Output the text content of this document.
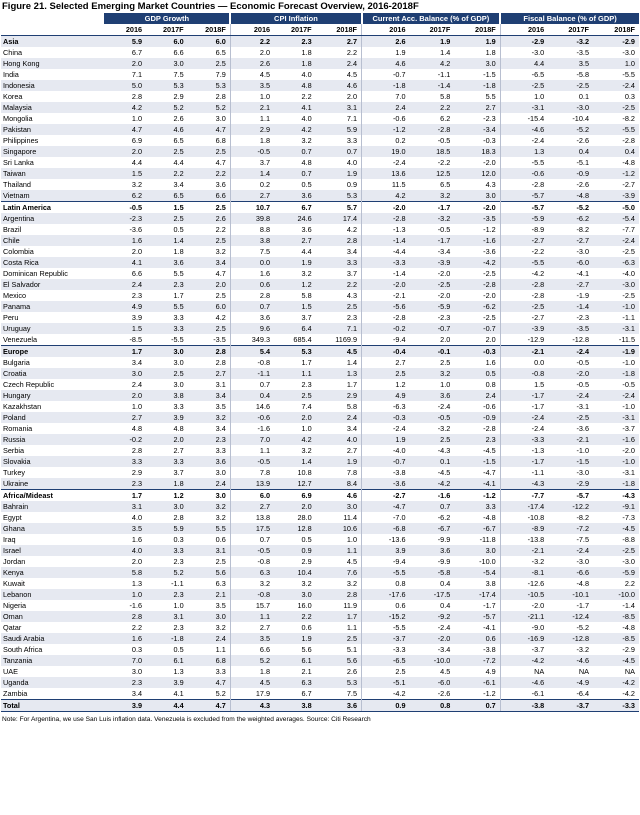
Figure 21. Selected Emerging Market Countries — Economic Forecast Overview, 2016-2018F
	GDP Growth			CPI Inflation			Current Acc. Balance (% of GDP)			Fiscal Balance (% of GDP)		
	2016	2017F	2018F	2016	2017F	2018F	2016	2017F	2018F	2016	2017F	2018F
Asia	5.9	6.0	6.0	2.2	2.3	2.7	2.6	1.9	1.9	-2.9	-3.2	-2.9
China	6.7	6.6	6.5	2.0	1.8	2.2	1.9	1.4	1.8	-3.0	-3.5	-3.0
Hong Kong	2.0	3.0	2.5	2.6	1.8	2.4	4.6	4.2	3.0	4.4	3.5	1.0
India	7.1	7.5	7.9	4.5	4.0	4.5	-0.7	-1.1	-1.5	-6.5	-5.8	-5.5
Indonesia	5.0	5.3	5.3	3.5	4.8	4.6	-1.8	-1.4	-1.8	-2.5	-2.5	-2.4
Korea	2.8	2.9	2.8	1.0	2.2	2.0	7.0	5.8	5.5	1.0	0.1	0.3
Malaysia	4.2	5.2	5.2	2.1	4.1	3.1	2.4	2.2	2.7	-3.1	-3.0	-2.5
Mongolia	1.0	2.6	3.0	1.1	4.0	7.1	-0.6	6.2	-2.3	-15.4	-10.4	-8.2
Pakistan	4.7	4.6	4.7	2.9	4.2	5.9	-1.2	-2.8	-3.4	-4.6	-5.2	-5.5
Philippines	6.9	6.5	6.8	1.8	3.2	3.3	0.2	-0.5	-0.3	-2.4	-2.6	-2.8
Singapore	2.0	2.5	2.5	-0.5	0.7	0.7	19.0	18.5	18.3	1.3	0.4	0.4
Sri Lanka	4.4	4.4	4.7	3.7	4.8	4.0	-2.4	-2.2	-2.0	-5.5	-5.1	-4.8
Taiwan	1.5	2.2	2.2	1.4	0.7	1.9	13.6	12.5	12.0	-0.6	-0.9	-1.2
Thailand	3.2	3.4	3.6	0.2	0.5	0.9	11.5	6.5	4.3	-2.8	-2.6	-2.7
Vietnam	6.2	6.5	6.6	2.7	3.6	5.3	4.2	3.2	3.0	-5.7	-4.8	-3.9
Latin America	-0.5	1.5	2.5	10.7	6.7	5.7	-2.0	-1.7	-2.0	-5.7	-5.2	-5.0
Argentina	-2.3	2.5	2.6	39.8	24.6	17.4	-2.8	-3.2	-3.5	-5.9	-6.2	-5.4
Brazil	-3.6	0.5	2.2	8.8	3.6	4.2	-1.3	-0.5	-1.2	-8.9	-8.2	-7.7
Chile	1.6	1.4	2.5	3.8	2.7	2.8	-1.4	-1.7	-1.6	-2.7	-2.7	-2.4
Colombia	2.0	1.8	3.2	7.5	4.4	3.4	-4.4	-3.4	-3.6	-2.2	-3.0	-2.5
Costa Rica	4.1	3.6	3.4	0.0	1.9	3.3	-3.3	-3.9	-4.2	-5.5	-6.0	-6.3
Dominican Republic	6.6	5.5	4.7	1.6	3.2	3.7	-1.4	-2.0	-2.5	-4.2	-4.1	-4.0
El Salvador	2.4	2.3	2.0	0.6	1.2	2.2	-2.0	-2.5	-2.8	-2.8	-2.7	-3.0
Mexico	2.3	1.7	2.5	2.8	5.8	4.3	-2.1	-2.0	-2.0	-2.8	-1.9	-2.5
Panama	4.9	5.5	6.0	0.7	1.5	2.5	-5.6	-5.9	-6.2	-2.5	-1.4	-1.0
Peru	3.9	3.3	4.2	3.6	3.7	2.3	-2.8	-2.3	-2.5	-2.7	-2.3	-1.1
Uruguay	1.5	3.3	2.5	9.6	6.4	7.1	-0.2	-0.7	-0.7	-3.9	-3.5	-3.1
Venezuela	-8.5	-5.5	-3.5	349.3	685.4	1169.9	-9.4	2.0	2.0	-12.9	-12.8	-11.5
Europe	1.7	3.0	2.8	5.4	5.3	4.5	-0.4	-0.1	-0.3	-2.1	-2.4	-1.9
Bulgaria	3.4	3.0	2.8	-0.8	1.7	1.4	2.7	2.5	1.6	0.0	-0.5	-1.0
Croatia	3.0	2.5	2.7	-1.1	1.1	1.3	2.5	3.2	0.5	-0.8	-2.0	-1.8
Czech Republic	2.4	3.0	3.1	0.7	2.3	1.7	1.2	1.0	0.8	1.5	-0.5	-0.5
Hungary	2.0	3.8	3.4	0.4	2.5	2.9	4.9	3.6	2.4	-1.7	-2.4	-2.4
Kazakhstan	1.0	3.3	3.5	14.6	7.4	5.8	-6.3	-2.4	-0.6	-1.7	-3.1	-1.0
Poland	2.7	3.9	3.2	-0.6	2.0	2.4	-0.3	-0.5	-0.9	-2.4	-2.5	-3.1
Romania	4.8	4.8	3.4	-1.6	1.0	3.4	-2.4	-3.2	-2.8	-2.4	-3.6	-3.7
Russia	-0.2	2.0	2.3	7.0	4.2	4.0	1.9	2.5	2.3	-3.3	-2.1	-1.6
Serbia	2.8	2.7	3.3	1.1	3.2	2.7	-4.0	-4.3	-4.5	-1.3	-1.0	-2.0
Slovakia	3.3	3.3	3.6	-0.5	1.4	1.9	-0.7	0.1	-1.5	-1.7	-1.5	-1.0
Turkey	2.9	3.7	3.0	7.8	10.8	7.8	-3.8	-4.5	-4.7	-1.1	-3.0	-3.1
Ukraine	2.3	1.8	2.4	13.9	12.7	8.4	-3.6	-4.2	-4.1	-4.3	-2.9	-1.8
Africa/Mideast	1.7	1.2	3.0	6.0	6.9	4.6	-2.7	-1.6	-1.2	-7.7	-5.7	-4.3
Bahrain	3.1	3.0	3.2	2.7	2.0	3.0	-4.7	0.7	3.3	-17.4	-12.2	-9.1
Egypt	4.0	2.8	3.2	13.8	28.0	11.4	-7.0	-6.2	-4.8	-10.8	-8.2	-7.3
Ghana	3.5	5.9	5.5	17.5	12.8	10.6	-6.8	-6.7	-6.7	-8.9	-7.2	-4.5
Iraq	1.6	0.3	0.6	0.7	0.5	1.0	-13.6	-9.9	-11.8	-13.8	-7.5	-8.8
Israel	4.0	3.3	3.1	-0.5	0.9	1.1	3.9	3.6	3.0	-2.1	-2.4	-2.5
Jordan	2.0	2.3	2.5	-0.8	2.9	4.5	-9.4	-9.9	-10.0	-3.2	-3.0	-3.0
Kenya	5.8	5.2	5.6	6.3	10.4	7.6	-5.5	-5.8	-5.4	-8.1	-6.6	-5.9
Kuwait	1.3	-1.1	6.3	3.2	3.2	3.2	0.8	0.4	3.8	-12.6	-4.8	2.2
Lebanon	1.0	2.3	2.1	-0.8	3.0	2.8	-17.6	-17.5	-17.4	-10.5	-10.1	-10.0
Nigeria	-1.6	1.0	3.5	15.7	16.0	11.9	0.6	0.4	-1.7	-2.0	-1.7	-1.4
Oman	2.8	3.1	3.0	1.1	2.2	1.7	-15.2	-9.2	-5.7	-21.1	-12.4	-8.5
Qatar	2.2	2.3	3.2	2.7	0.6	1.1	-5.5	-2.4	-4.1	-9.0	-5.2	-4.8
Saudi Arabia	1.6	-1.8	2.4	3.5	1.9	2.5	-3.7	-2.0	0.6	-16.9	-12.8	-8.5
South Africa	0.3	0.5	1.1	6.6	5.6	5.1	-3.3	-3.4	-3.8	-3.7	-3.2	-2.9
Tanzania	7.0	6.1	6.8	5.2	6.1	5.6	-6.5	-10.0	-7.2	-4.2	-4.6	-4.5
UAE	3.0	1.3	3.3	1.8	2.1	2.6	2.5	4.5	4.9	NA	NA	NA
Uganda	2.3	3.9	4.7	4.5	6.3	5.3	-5.1	-6.0	-6.1	-4.6	-4.9	-4.2
Zambia	3.4	4.1	5.2	17.9	6.7	7.5	-4.2	-2.6	-1.2	-6.1	-6.4	-4.2
Total	3.9	4.4	4.7	4.3	3.8	3.6	0.9	0.8	0.7	-3.8	-3.7	-3.3
Note: For Argentina, we use San Luis inflation data. Venezuela is excluded from the weighted averages. Source: Citi Research
